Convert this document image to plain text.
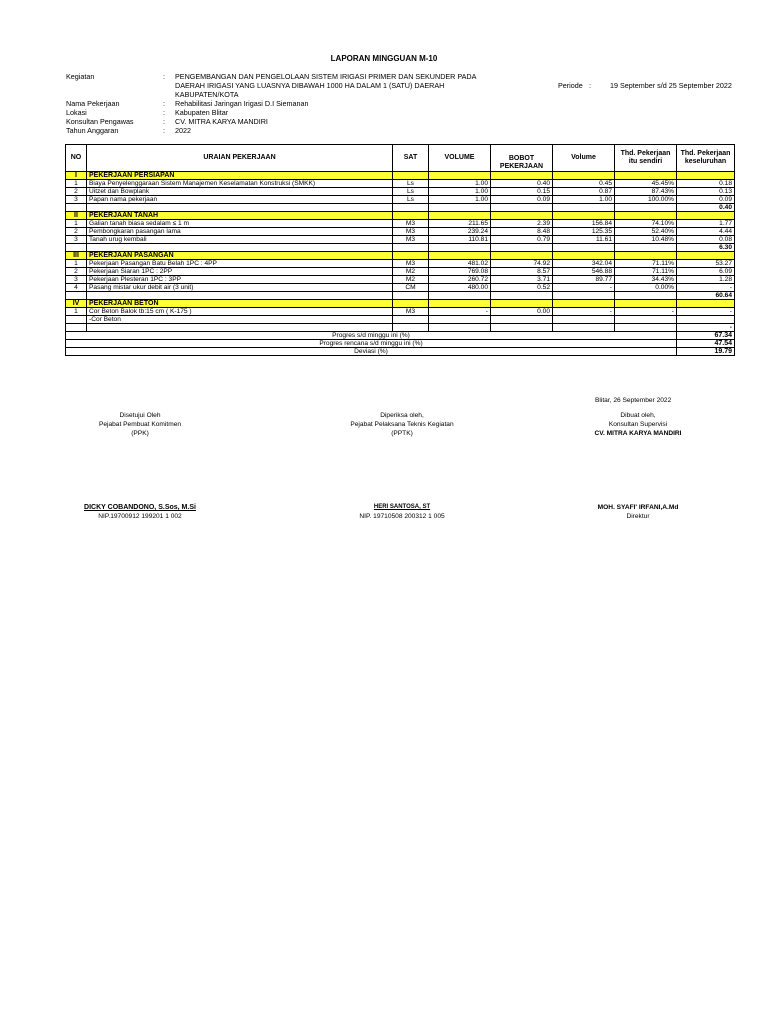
LAPORAN MINGGUAN M-10
Kegiatan	: PENGEMBANGAN DAN PENGELOLAAN SISTEM IRIGASI PRIMER DAN SEKUNDER PADA
DAERAH IRIGASI YANG LUASNYA DIBAWAH 1000 HA DALAM 1 (SATU) DAERAH	Periode :	19 September s/d 25 September 2022
KABUPATEN/KOTA
Nama Pekerjaan	: Rehabilitasi Jaringan Irigasi D.I Siemanan
Lokasi	: Kabupaten Blitar
Konsultan Pengawas	: CV. MITRA KARYA MANDIRI
Tahun Anggaran	: 2022
NO	URAIAN PEKERJAAN	SAT	VOLUME	BOBOT PEKERJAAN	Volume	Thd. Pekerjaan itu sendiri	Thd. Pekerjaan keseluruhan
I	PEKERJAAN PERSIAPAN						
1	Biaya Penyelenggaraan Sistem Manajemen Keselamatan Konstruksi (SMKK)	Ls	1.00	0.40	0.45	45.45%	0.18
2	Uitzet dan Bowplank	Ls	1.00	0.15	0.87	87.43%	0.13
3	Papan nama pekerjaan	Ls	1.00	0.09	1.00	100.00%	0.09
							0.40
II	PEKERJAAN TANAH						
1	Galian tanah biasa sedalam ≤ 1 m	M3	211.65	2.39	156.84	74.10%	1.77
2	Pembongkaran pasangan lama	M3	239.24	8.48	125.35	52.40%	4.44
3	Tanah urug kembali	M3	110.81	0.79	11.61	10.48%	0.08
							6.30
III	PEKERJAAN PASANGAN						
1	Pekerjaan Pasangan Batu Belah 1PC : 4PP	M3	481.02	74.92	342.04	71.11%	53.27
2	Pekerjaan Siaran 1PC : 2PP	M2	769.08	8.57	546.88	71.11%	6.09
3	Pekerjaan Plesteran 1PC : 3PP	M2	260.72	3.71	89.77	34.43%	1.28
4	Pasang mistar ukur debit air (3 unit)	CM	480.00	0.52	-	0.00%	-
							60.64
IV	PEKERJAAN BETON						
1	Cor Beton Balok tb:15 cm ( K-175 )	M3	-	0.00	-	-	-
	-Cor Beton						
							-
Progres s/d minggu ini (%)							67.34
Progres rencana s/d minggu ini (%)							47.54
Deviasi (%)							19.79
Blitar, 26 September 2022
Disetujui Oleh
Pejabat Pembuat Komitmen
(PPK)
DICKY COBANDONO, S.Sos, M.Si
NIP.19700912 199201 1 002
Diperiksa oleh,
Pejabat Pelaksana Teknis Kegiatan
(PPTK)
HERI SANTOSA, ST
NIP. 19710508 200312 1 005
Dibuat oleh,
Konsultan Supervisi
CV. MITRA KARYA MANDIRI
MOH. SYAFI' IRFANI,A.Md
Direktur
